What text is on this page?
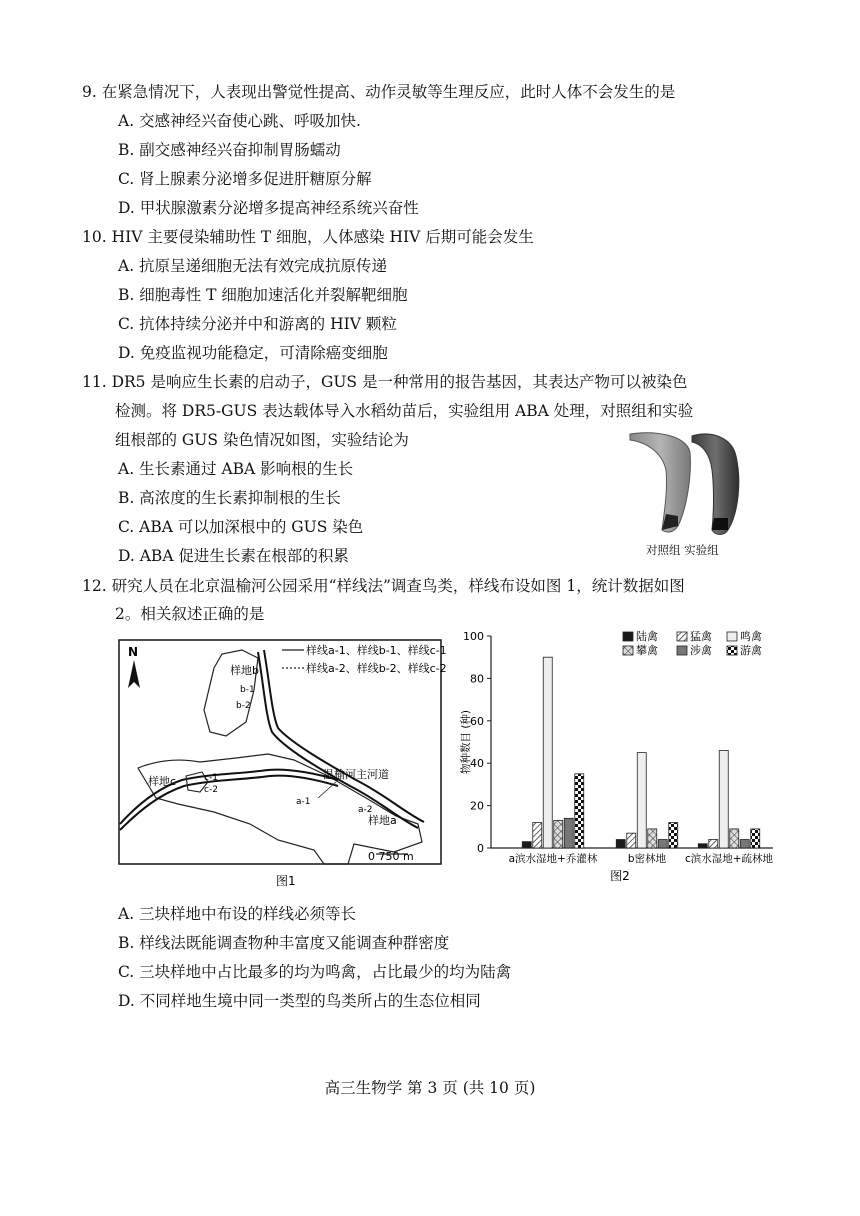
9. 在紧急情况下，人表现出警觉性提高、动作灵敏等生理反应，此时人体不会发生的是
A. 交感神经兴奋使心跳、呼吸加快.
B. 副交感神经兴奋抑制胃肠蠕动
C. 肾上腺素分泌增多促进肝糖原分解
D. 甲状腺激素分泌增多提高神经系统兴奋性
10. HIV 主要侵染辅助性 T 细胞，人体感染 HIV 后期可能会发生
A. 抗原呈递细胞无法有效完成抗原传递
B. 细胞毒性 T 细胞加速活化并裂解靶细胞
C. 抗体持续分泌并中和游离的 HIV 颗粒
D. 免疫监视功能稳定，可清除癌变细胞
11. DR5 是响应生长素的启动子，GUS 是一种常用的报告基因，其表达产物可以被染色
检测。将 DR5-GUS 表达载体导入水稻幼苗后，实验组用 ABA 处理，对照组和实验
组根部的 GUS 染色情况如图，实验结论为
A. 生长素通过 ABA 影响根的生长
B. 高浓度的生长素抑制根的生长
C. ABA 可以加深根中的 GUS 染色
D. ABA 促进生长素在根部的积累	对照组 实验组
12. 研究人员在北京温榆河公园采用“样线法”调查鸟类，样线布设如图 1，统计数据如图
2。相关叙述正确的是
N	样线a-1、样线b-1、样线c-1
样线a-2、样线b-2、样线c-2
样地b
b-1
b-2
样地c	c-1
c-2
温榆河主河道
a-1
a-2
样地a
0 750 m
图1
0
20
40
60
80
100
物种数目 (种)
a滨水湿地+乔灌林	b密林地 c滨水湿地+疏林地
陆禽	猛禽	鸣禽
攀禽	涉禽	游禽
图2
A. 三块样地中布设的样线必须等长
B. 样线法既能调查物种丰富度又能调查种群密度
C. 三块样地中占比最多的均为鸣禽，占比最少的均为陆禽
D. 不同样地生境中同一类型的鸟类所占的生态位相同
高三生物学 第 3 页 (共 10 页)
